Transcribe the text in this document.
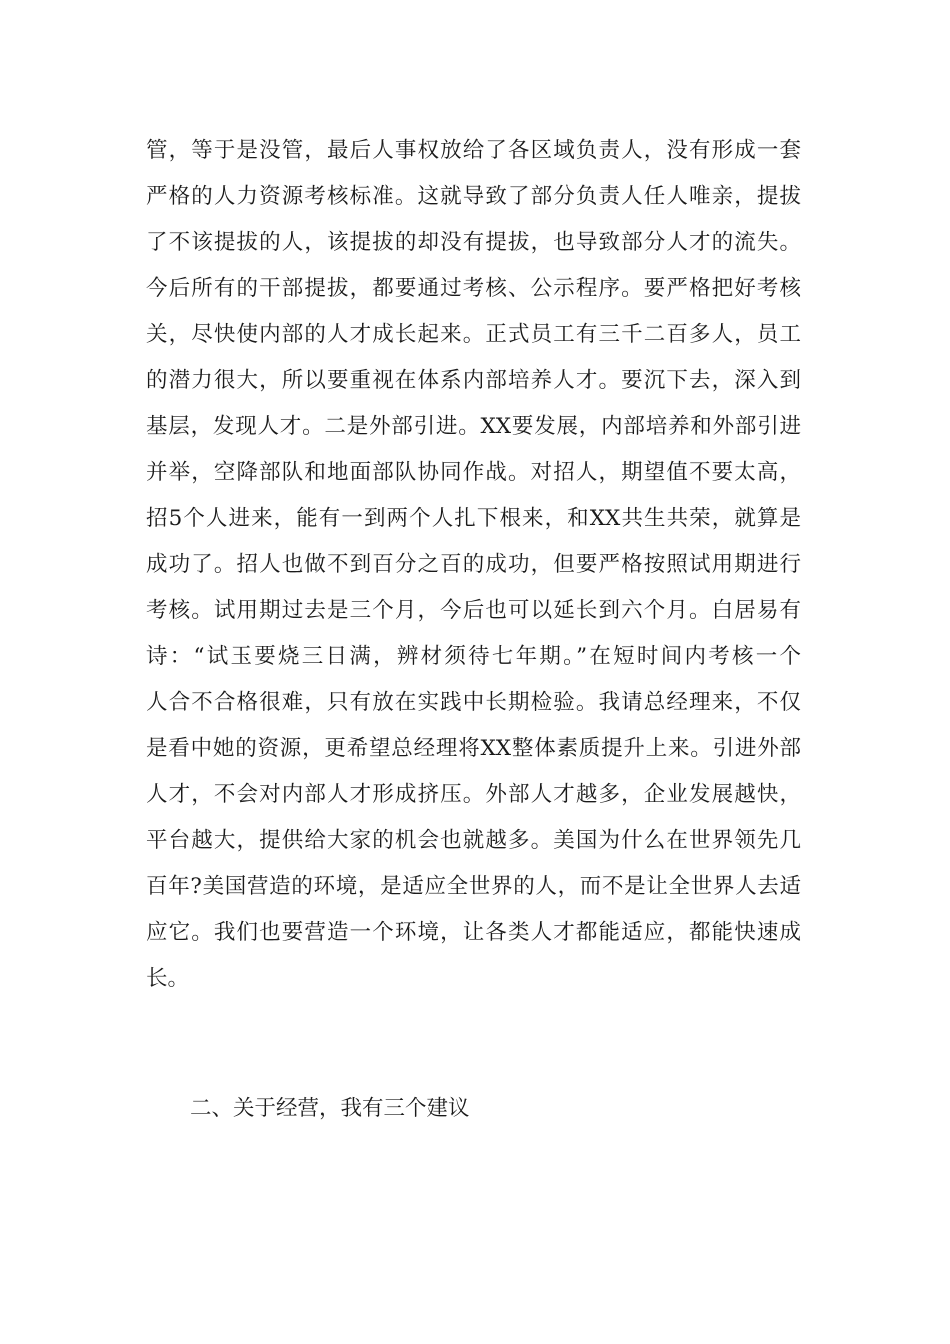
管，等于是没管，最后人事权放给了各区域负责人，没有形成一套
严格的人力资源考核标准。这就导致了部分负责人任人唯亲，提拔
了不该提拔的人，该提拔的却没有提拔，也导致部分人才的流失。
今后所有的干部提拔，都要通过考核、公示程序。要严格把好考核
关，尽快使内部的人才成长起来。正式员工有三千二百多人，员工
的潜力很大，所以要重视在体系内部培养人才。要沉下去，深入到
基层，发现人才。二是外部引进。XX要发展，内部培养和外部引进
并举，空降部队和地面部队协同作战。对招人，期望值不要太高，
招5个人进来，能有一到两个人扎下根来，和XX共生共荣，就算是
成功了。招人也做不到百分之百的成功，但要严格按照试用期进行
考核。试用期过去是三个月，今后也可以延长到六个月。白居易有
诗：“试玉要烧三日满，辨材须待七年期。”在短时间内考核一个
人合不合格很难，只有放在实践中长期检验。我请总经理来，不仅
是看中她的资源，更希望总经理将XX整体素质提升上来。引进外部
人才，不会对内部人才形成挤压。外部人才越多，企业发展越快，
平台越大，提供给大家的机会也就越多。美国为什么在世界领先几
百年?美国营造的环境，是适应全世界的人，而不是让全世界人去适
应它。我们也要营造一个环境，让各类人才都能适应，都能快速成
长。
二、关于经营，我有三个建议
